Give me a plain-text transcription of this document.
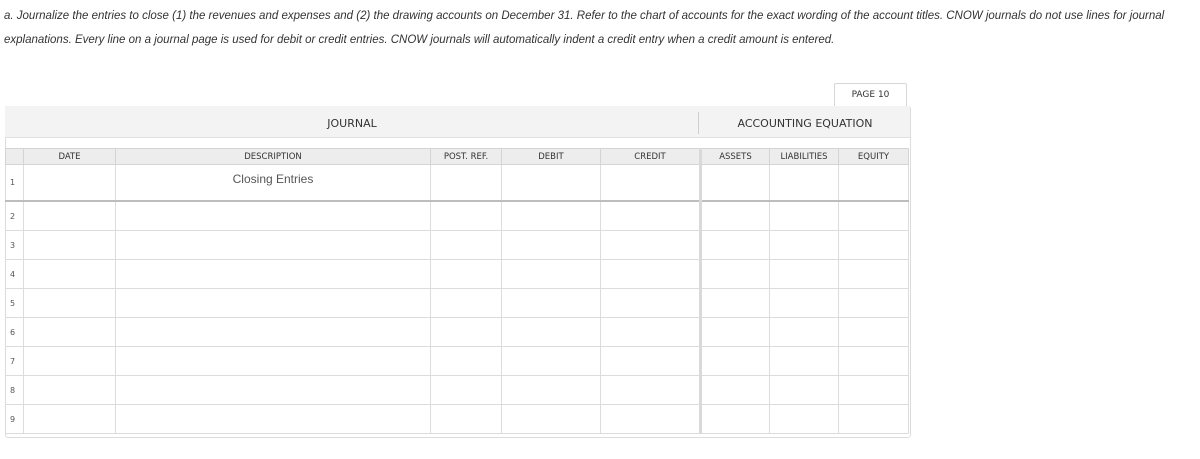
a. Journalize the entries to close (1) the revenues and expenses and (2) the drawing accounts on December 31. Refer to the chart of accounts for the exact wording of the account titles. CNOW journals do not use lines for journal explanations. Every line on a journal page is used for debit or credit entries. CNOW journals will automatically indent a credit entry when a credit amount is entered.
PAGE 10
JOURNAL	ACCOUNTING EQUATION
	DATE	DESCRIPTION	POST. REF.	DEBIT	CREDIT	ASSETS	LIABILITIES	EQUITY
1		Closing Entries						
2								
3								
4								
5								
6								
7								
8								
9								
